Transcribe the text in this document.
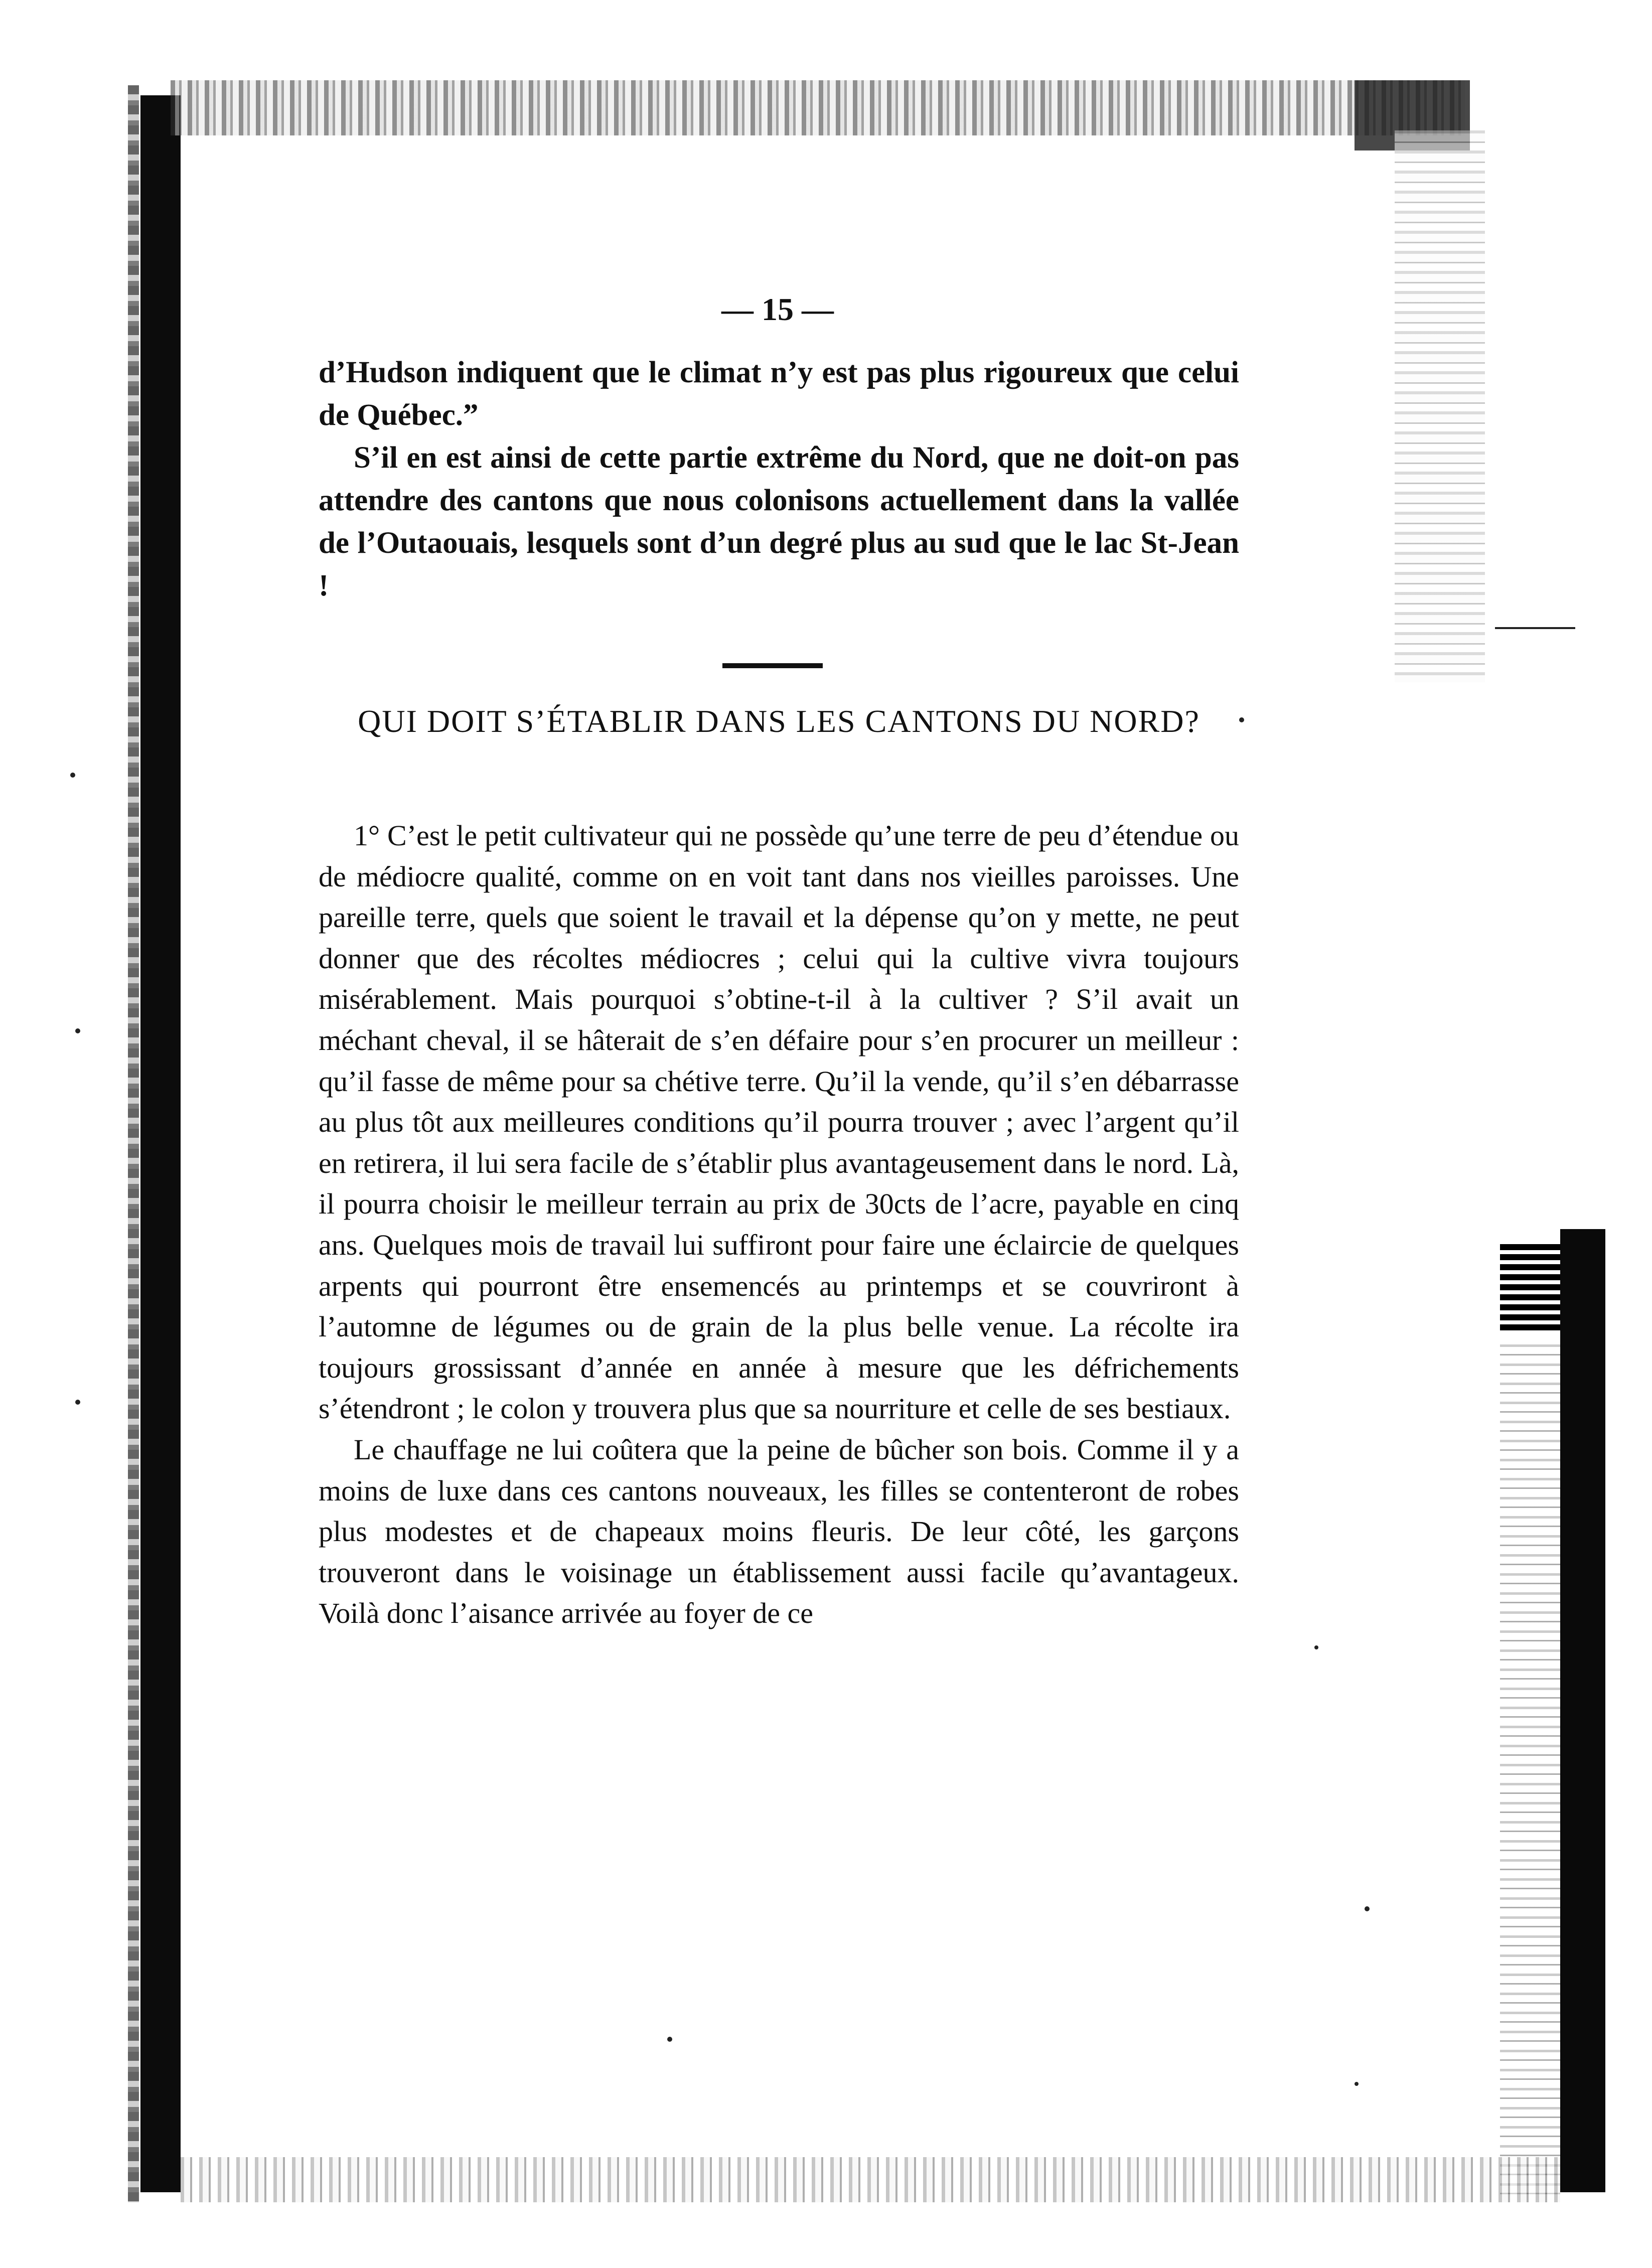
— 15 —

d’Hudson indiquent que le climat n’y est pas plus rigoureux que celui de Québec.”

S’il en est ainsi de cette partie extrême du Nord, que ne doit-on pas attendre des cantons que nous colonisons actuellement dans la vallée de l’Outaouais, lesquels sont d’un degré plus au sud que le lac St-Jean !

QUI DOIT S’ÉTABLIR DANS LES CANTONS DU NORD?

1° C’est le petit cultivateur qui ne possède qu’une terre de peu d’étendue ou de médiocre qualité, comme on en voit tant dans nos vieilles paroisses. Une pareille terre, quels que soient le travail et la dépense qu’on y mette, ne peut donner que des récoltes médiocres ; celui qui la cultive vivra toujours misérablement. Mais pourquoi s’obtine-t-il à la cultiver ? S’il avait un méchant cheval, il se hâterait de s’en défaire pour s’en procurer un meilleur : qu’il fasse de même pour sa chétive terre. Qu’il la vende, qu’il s’en débarrasse au plus tôt aux meilleures conditions qu’il pourra trouver ; avec l’argent qu’il en retirera, il lui sera facile de s’établir plus avantageusement dans le nord. Là, il pourra choisir le meilleur terrain au prix de 30cts de l’acre, payable en cinq ans. Quelques mois de travail lui suffiront pour faire une éclaircie de quelques arpents qui pourront être ensemencés au printemps et se couvriront à l’automne de légumes ou de grain de la plus belle venue. La récolte ira toujours grossissant d’année en année à mesure que les défrichements s’étendront ; le colon y trouvera plus que sa nourriture et celle de ses bestiaux.

Le chauffage ne lui coûtera que la peine de bûcher son bois. Comme il y a moins de luxe dans ces cantons nouveaux, les filles se contenteront de robes plus modestes et de chapeaux moins fleuris. De leur côté, les garçons trouveront dans le voisinage un établissement aussi facile qu’avantageux. Voilà donc l’aisance arrivée au foyer de ce
